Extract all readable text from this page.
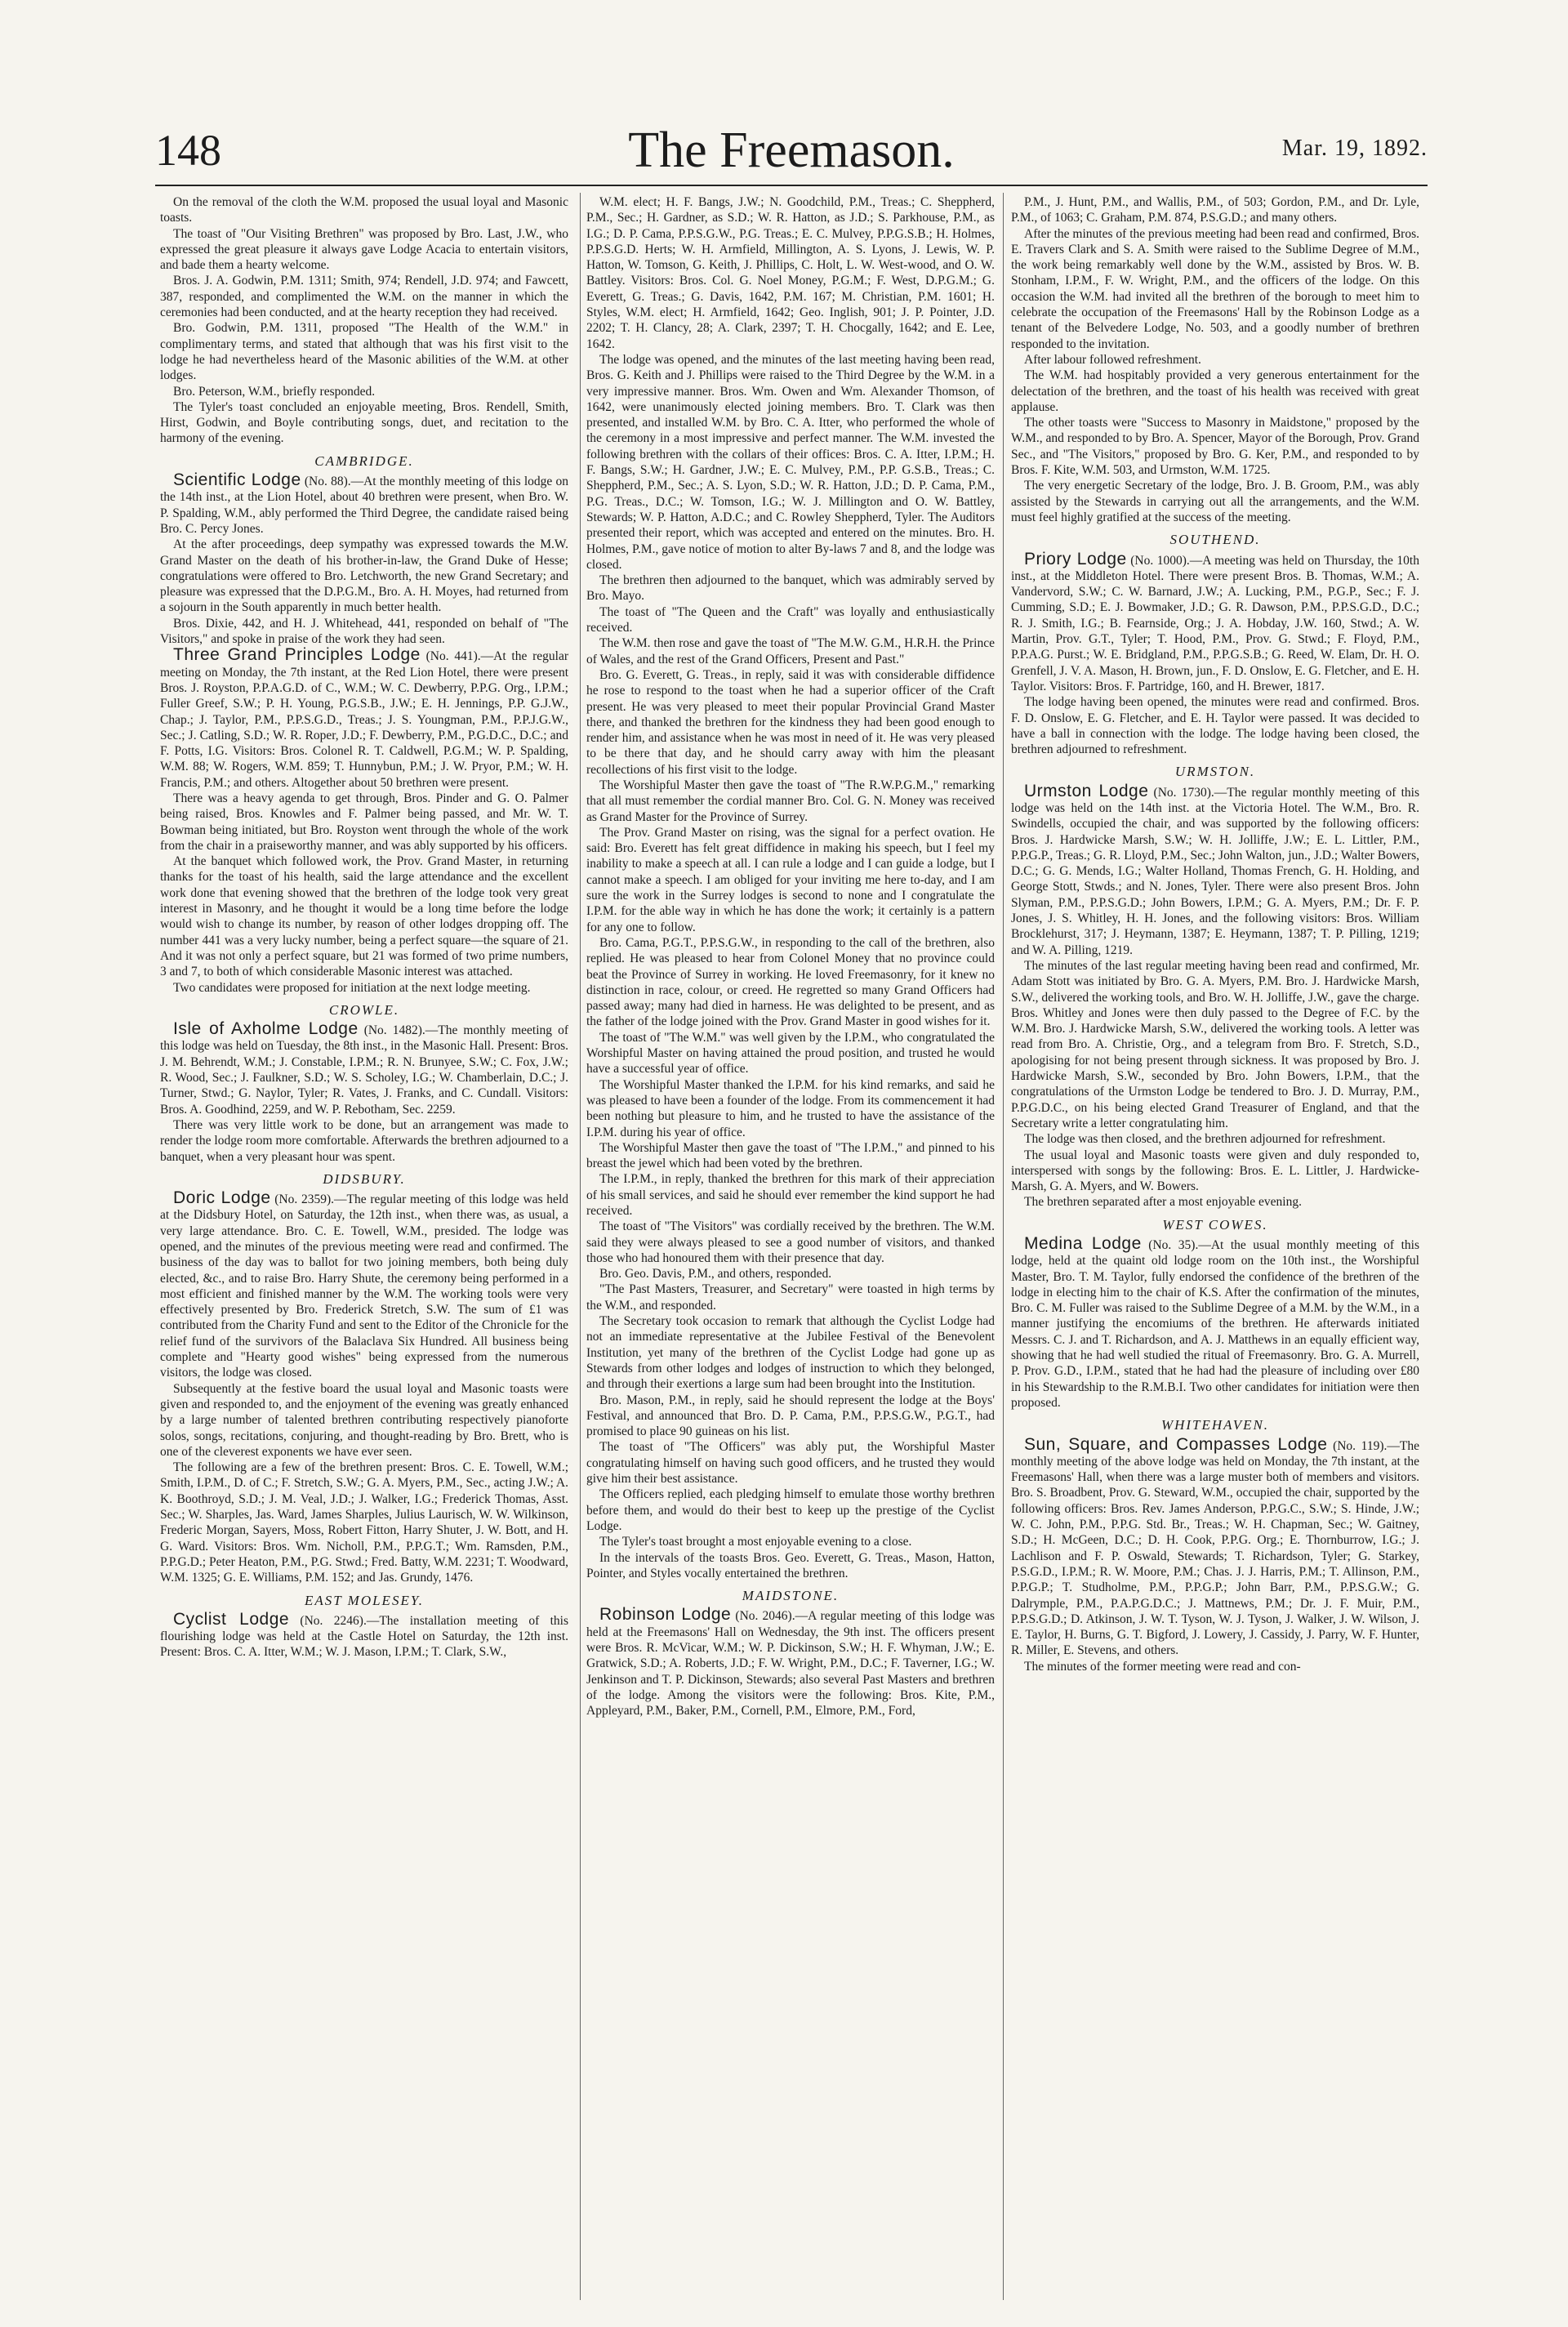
148	The Freemason.	Mar. 19, 1892.

On the removal of the cloth the W.M. proposed the usual loyal and Masonic toasts.

The toast of "Our Visiting Brethren" was proposed by Bro. Last, J.W., who expressed the great pleasure it always gave Lodge Acacia to entertain visitors, and bade them a hearty welcome.

Bros. J. A. Godwin, P.M. 1311; Smith, 974; Rendell, J.D. 974; and Fawcett, 387, responded, and complimented the W.M. on the manner in which the ceremonies had been conducted, and at the hearty reception they had received.

Bro. Godwin, P.M. 1311, proposed "The Health of the W.M." in complimentary terms, and stated that although that was his first visit to the lodge he had nevertheless heard of the Masonic abilities of the W.M. at other lodges.

Bro. Peterson, W.M., briefly responded.

The Tyler's toast concluded an enjoyable meeting, Bros. Rendell, Smith, Hirst, Godwin, and Boyle contributing songs, duet, and recitation to the harmony of the evening.

CAMBRIDGE.

Scientific Lodge (No. 88).—At the monthly meeting of this lodge on the 14th inst., at the Lion Hotel, about 40 brethren were present, when Bro. W. P. Spalding, W.M., ably performed the Third Degree, the candidate raised being Bro. C. Percy Jones.

At the after proceedings, deep sympathy was expressed towards the M.W. Grand Master on the death of his brother-in-law, the Grand Duke of Hesse; congratulations were offered to Bro. Letchworth, the new Grand Secretary; and pleasure was expressed that the D.P.G.M., Bro. A. H. Moyes, had returned from a sojourn in the South apparently in much better health.

Bros. Dixie, 442, and H. J. Whitehead, 441, responded on behalf of "The Visitors," and spoke in praise of the work they had seen.

Three Grand Principles Lodge (No. 441).—At the regular meeting on Monday, the 7th instant, at the Red Lion Hotel, there were present Bros. J. Royston, P.P.A.G.D. of C., W.M.; W. C. Dewberry, P.P.G. Org., I.P.M.; Fuller Greef, S.W.; P. H. Young, P.G.S.B., J.W.; E. H. Jennings, P.P. G.J.W., Chap.; J. Taylor, P.M., P.P.S.G.D., Treas.; J. S. Youngman, P.M., P.P.J.G.W., Sec.; J. Catling, S.D.; W. R. Roper, J.D.; F. Dewberry, P.M., P.G.D.C., D.C.; and F. Potts, I.G. Visitors: Bros. Colonel R. T. Caldwell, P.G.M.; W. P. Spalding, W.M. 88; W. Rogers, W.M. 859; T. Hunnybun, P.M.; J. W. Pryor, P.M.; W. H. Francis, P.M.; and others. Altogether about 50 brethren were present.

There was a heavy agenda to get through, Bros. Pinder and G. O. Palmer being raised, Bros. Knowles and F. Palmer being passed, and Mr. W. T. Bowman being initiated, but Bro. Royston went through the whole of the work from the chair in a praiseworthy manner, and was ably supported by his officers.

At the banquet which followed work, the Prov. Grand Master, in returning thanks for the toast of his health, said the large attendance and the excellent work done that evening showed that the brethren of the lodge took very great interest in Masonry, and he thought it would be a long time before the lodge would wish to change its number, by reason of other lodges dropping off. The number 441 was a very lucky number, being a perfect square—the square of 21. And it was not only a perfect square, but 21 was formed of two prime numbers, 3 and 7, to both of which considerable Masonic interest was attached.

Two candidates were proposed for initiation at the next lodge meeting.

CROWLE.

Isle of Axholme Lodge (No. 1482).—The monthly meeting of this lodge was held on Tuesday, the 8th inst., in the Masonic Hall. Present: Bros. J. M. Behrendt, W.M.; J. Constable, I.P.M.; R. N. Brunyee, S.W.; C. Fox, J.W.; R. Wood, Sec.; J. Faulkner, S.D.; W. S. Scholey, I.G.; W. Chamberlain, D.C.; J. Turner, Stwd.; G. Naylor, Tyler; R. Vates, J. Franks, and C. Cundall. Visitors: Bros. A. Goodhind, 2259, and W. P. Rebotham, Sec. 2259.

There was very little work to be done, but an arrangement was made to render the lodge room more comfortable. Afterwards the brethren adjourned to a banquet, when a very pleasant hour was spent.

DIDSBURY.

Doric Lodge (No. 2359).—The regular meeting of this lodge was held at the Didsbury Hotel, on Saturday, the 12th inst., when there was, as usual, a very large attendance. Bro. C. E. Towell, W.M., presided. The lodge was opened, and the minutes of the previous meeting were read and confirmed. The business of the day was to ballot for two joining members, both being duly elected, &c., and to raise Bro. Harry Shute, the ceremony being performed in a most efficient and finished manner by the W.M. The working tools were very effectively presented by Bro. Frederick Stretch, S.W. The sum of £1 was contributed from the Charity Fund and sent to the Editor of the Chronicle for the relief fund of the survivors of the Balaclava Six Hundred. All business being complete and "Hearty good wishes" being expressed from the numerous visitors, the lodge was closed.

Subsequently at the festive board the usual loyal and Masonic toasts were given and responded to, and the enjoyment of the evening was greatly enhanced by a large number of talented brethren contributing respectively pianoforte solos, songs, recitations, conjuring, and thought-reading by Bro. Brett, who is one of the cleverest exponents we have ever seen.

The following are a few of the brethren present: Bros. C. E. Towell, W.M.; Smith, I.P.M., D. of C.; F. Stretch, S.W.; G. A. Myers, P.M., Sec., acting J.W.; A. K. Boothroyd, S.D.; J. M. Veal, J.D.; J. Walker, I.G.; Frederick Thomas, Asst. Sec.; W. Sharples, Jas. Ward, James Sharples, Julius Laurisch, W. W. Wilkinson, Frederic Morgan, Sayers, Moss, Robert Fitton, Harry Shuter, J. W. Bott, and H. G. Ward. Visitors: Bros. Wm. Nicholl, P.M., P.P.G.T.; Wm. Ramsden, P.M., P.P.G.D.; Peter Heaton, P.M., P.G. Stwd.; Fred. Batty, W.M. 2231; T. Woodward, W.M. 1325; G. E. Williams, P.M. 152; and Jas. Grundy, 1476.

EAST MOLESEY.

Cyclist Lodge (No. 2246).—The installation meeting of this flourishing lodge was held at the Castle Hotel on Saturday, the 12th inst. Present: Bros. C. A. Itter, W.M.; W. J. Mason, I.P.M.; T. Clark, S.W.,

W.M. elect; H. F. Bangs, J.W.; N. Goodchild, P.M., Treas.; C. Sheppherd, P.M., Sec.; H. Gardner, as S.D.; W. R. Hatton, as J.D.; S. Parkhouse, P.M., as I.G.; D. P. Cama, P.P.S.G.W., P.G. Treas.; E. C. Mulvey, P.P.G.S.B.; H. Holmes, P.P.S.G.D. Herts; W. H. Armfield, Millington, A. S. Lyons, J. Lewis, W. P. Hatton, W. Tomson, G. Keith, J. Phillips, C. Holt, L. W. West-wood, and O. W. Battley. Visitors: Bros. Col. G. Noel Money, P.G.M.; F. West, D.P.G.M.; G. Everett, G. Treas.; G. Davis, 1642, P.M. 167; M. Christian, P.M. 1601; H. Styles, W.M. elect; H. Armfield, 1642; Geo. Inglish, 901; J. P. Pointer, J.D. 2202; T. H. Clancy, 28; A. Clark, 2397; T. H. Chocgally, 1642; and E. Lee, 1642.

The lodge was opened, and the minutes of the last meeting having been read, Bros. G. Keith and J. Phillips were raised to the Third Degree by the W.M. in a very impressive manner. Bros. Wm. Owen and Wm. Alexander Thomson, of 1642, were unanimously elected joining members. Bro. T. Clark was then presented, and installed W.M. by Bro. C. A. Itter, who performed the whole of the ceremony in a most impressive and perfect manner. The W.M. invested the following brethren with the collars of their offices: Bros. C. A. Itter, I.P.M.; H. F. Bangs, S.W.; H. Gardner, J.W.; E. C. Mulvey, P.M., P.P. G.S.B., Treas.; C. Sheppherd, P.M., Sec.; A. S. Lyon, S.D.; W. R. Hatton, J.D.; D. P. Cama, P.M., P.G. Treas., D.C.; W. Tomson, I.G.; W. J. Millington and O. W. Battley, Stewards; W. P. Hatton, A.D.C.; and C. Rowley Sheppherd, Tyler. The Auditors presented their report, which was accepted and entered on the minutes. Bro. H. Holmes, P.M., gave notice of motion to alter By-laws 7 and 8, and the lodge was closed.

The brethren then adjourned to the banquet, which was admirably served by Bro. Mayo.

The toast of "The Queen and the Craft" was loyally and enthusiastically received.

The W.M. then rose and gave the toast of "The M.W. G.M., H.R.H. the Prince of Wales, and the rest of the Grand Officers, Present and Past."

Bro. G. Everett, G. Treas., in reply, said it was with considerable diffidence he rose to respond to the toast when he had a superior officer of the Craft present. He was very pleased to meet their popular Provincial Grand Master there, and thanked the brethren for the kindness they had been good enough to render him, and assistance when he was most in need of it. He was very pleased to be there that day, and he should carry away with him the pleasant recollections of his first visit to the lodge.

The Worshipful Master then gave the toast of "The R.W.P.G.M.," remarking that all must remember the cordial manner Bro. Col. G. N. Money was received as Grand Master for the Province of Surrey.

The Prov. Grand Master on rising, was the signal for a perfect ovation. He said: Bro. Everett has felt great diffidence in making his speech, but I feel my inability to make a speech at all. I can rule a lodge and I can guide a lodge, but I cannot make a speech. I am obliged for your inviting me here to-day, and I am sure the work in the Surrey lodges is second to none and I congratulate the I.P.M. for the able way in which he has done the work; it certainly is a pattern for any one to follow.

Bro. Cama, P.G.T., P.P.S.G.W., in responding to the call of the brethren, also replied. He was pleased to hear from Colonel Money that no province could beat the Province of Surrey in working. He loved Freemasonry, for it knew no distinction in race, colour, or creed. He regretted so many Grand Officers had passed away; many had died in harness. He was delighted to be present, and as the father of the lodge joined with the Prov. Grand Master in good wishes for it.

The toast of "The W.M." was well given by the I.P.M., who congratulated the Worshipful Master on having attained the proud position, and trusted he would have a successful year of office.

The Worshipful Master thanked the I.P.M. for his kind remarks, and said he was pleased to have been a founder of the lodge. From its commencement it had been nothing but pleasure to him, and he trusted to have the assistance of the I.P.M. during his year of office.

The Worshipful Master then gave the toast of "The I.P.M.," and pinned to his breast the jewel which had been voted by the brethren.

The I.P.M., in reply, thanked the brethren for this mark of their appreciation of his small services, and said he should ever remember the kind support he had received.

The toast of "The Visitors" was cordially received by the brethren. The W.M. said they were always pleased to see a good number of visitors, and thanked those who had honoured them with their presence that day.

Bro. Geo. Davis, P.M., and others, responded.

"The Past Masters, Treasurer, and Secretary" were toasted in high terms by the W.M., and responded.

The Secretary took occasion to remark that although the Cyclist Lodge had not an immediate representative at the Jubilee Festival of the Benevolent Institution, yet many of the brethren of the Cyclist Lodge had gone up as Stewards from other lodges and lodges of instruction to which they belonged, and through their exertions a large sum had been brought into the Institution.

Bro. Mason, P.M., in reply, said he should represent the lodge at the Boys' Festival, and announced that Bro. D. P. Cama, P.M., P.P.S.G.W., P.G.T., had promised to place 90 guineas on his list.

The toast of "The Officers" was ably put, the Worshipful Master congratulating himself on having such good officers, and he trusted they would give him their best assistance.

The Officers replied, each pledging himself to emulate those worthy brethren before them, and would do their best to keep up the prestige of the Cyclist Lodge.

The Tyler's toast brought a most enjoyable evening to a close.

In the intervals of the toasts Bros. Geo. Everett, G. Treas., Mason, Hatton, Pointer, and Styles vocally entertained the brethren.

MAIDSTONE.

Robinson Lodge (No. 2046).—A regular meeting of this lodge was held at the Freemasons' Hall on Wednesday, the 9th inst. The officers present were Bros. R. McVicar, W.M.; W. P. Dickinson, S.W.; H. F. Whyman, J.W.; E. Gratwick, S.D.; A. Roberts, J.D.; F. W. Wright, P.M., D.C.; F. Taverner, I.G.; W. Jenkinson and T. P. Dickinson, Stewards; also several Past Masters and brethren of the lodge. Among the visitors were the following: Bros. Kite, P.M., Appleyard, P.M., Baker, P.M., Cornell, P.M., Elmore, P.M., Ford,

P.M., J. Hunt, P.M., and Wallis, P.M., of 503; Gordon, P.M., and Dr. Lyle, P.M., of 1063; C. Graham, P.M. 874, P.S.G.D.; and many others.

After the minutes of the previous meeting had been read and confirmed, Bros. E. Travers Clark and S. A. Smith were raised to the Sublime Degree of M.M., the work being remarkably well done by the W.M., assisted by Bros. W. B. Stonham, I.P.M., F. W. Wright, P.M., and the officers of the lodge. On this occasion the W.M. had invited all the brethren of the borough to meet him to celebrate the occupation of the Freemasons' Hall by the Robinson Lodge as a tenant of the Belvedere Lodge, No. 503, and a goodly number of brethren responded to the invitation.

After labour followed refreshment.

The W.M. had hospitably provided a very generous entertainment for the delectation of the brethren, and the toast of his health was received with great applause.

The other toasts were "Success to Masonry in Maidstone," proposed by the W.M., and responded to by Bro. A. Spencer, Mayor of the Borough, Prov. Grand Sec., and "The Visitors," proposed by Bro. G. Ker, P.M., and responded to by Bros. F. Kite, W.M. 503, and Urmston, W.M. 1725.

The very energetic Secretary of the lodge, Bro. J. B. Groom, P.M., was ably assisted by the Stewards in carrying out all the arrangements, and the W.M. must feel highly gratified at the success of the meeting.

SOUTHEND.

Priory Lodge (No. 1000).—A meeting was held on Thursday, the 10th inst., at the Middleton Hotel. There were present Bros. B. Thomas, W.M.; A. Vandervord, S.W.; C. W. Barnard, J.W.; A. Lucking, P.M., P.G.P., Sec.; F. J. Cumming, S.D.; E. J. Bowmaker, J.D.; G. R. Dawson, P.M., P.P.S.G.D., D.C.; R. J. Smith, I.G.; B. Fearnside, Org.; J. A. Hobday, J.W. 160, Stwd.; A. W. Martin, Prov. G.T., Tyler; T. Hood, P.M., Prov. G. Stwd.; F. Floyd, P.M., P.P.A.G. Purst.; W. E. Bridgland, P.M., P.P.G.S.B.; G. Reed, W. Elam, Dr. H. O. Grenfell, J. V. A. Mason, H. Brown, jun., F. D. Onslow, E. G. Fletcher, and E. H. Taylor. Visitors: Bros. F. Partridge, 160, and H. Brewer, 1817.

The lodge having been opened, the minutes were read and confirmed. Bros. F. D. Onslow, E. G. Fletcher, and E. H. Taylor were passed. It was decided to have a ball in connection with the lodge. The lodge having been closed, the brethren adjourned to refreshment.

URMSTON.

Urmston Lodge (No. 1730).—The regular monthly meeting of this lodge was held on the 14th inst. at the Victoria Hotel. The W.M., Bro. R. Swindells, occupied the chair, and was supported by the following officers: Bros. J. Hardwicke Marsh, S.W.; W. H. Jolliffe, J.W.; E. L. Littler, P.M., P.P.G.P., Treas.; G. R. Lloyd, P.M., Sec.; John Walton, jun., J.D.; Walter Bowers, D.C.; G. G. Mends, I.G.; Walter Holland, Thomas French, G. H. Holding, and George Stott, Stwds.; and N. Jones, Tyler. There were also present Bros. John Slyman, P.M., P.P.S.G.D.; John Bowers, I.P.M.; G. A. Myers, P.M.; Dr. F. P. Jones, J. S. Whitley, H. H. Jones, and the following visitors: Bros. William Brocklehurst, 317; J. Heymann, 1387; E. Heymann, 1387; T. P. Pilling, 1219; and W. A. Pilling, 1219.

The minutes of the last regular meeting having been read and confirmed, Mr. Adam Stott was initiated by Bro. G. A. Myers, P.M. Bro. J. Hardwicke Marsh, S.W., delivered the working tools, and Bro. W. H. Jolliffe, J.W., gave the charge. Bros. Whitley and Jones were then duly passed to the Degree of F.C. by the W.M. Bro. J. Hardwicke Marsh, S.W., delivered the working tools. A letter was read from Bro. A. Christie, Org., and a telegram from Bro. F. Stretch, S.D., apologising for not being present through sickness. It was proposed by Bro. J. Hardwicke Marsh, S.W., seconded by Bro. John Bowers, I.P.M., that the congratulations of the Urmston Lodge be tendered to Bro. J. D. Murray, P.M., P.P.G.D.C., on his being elected Grand Treasurer of England, and that the Secretary write a letter congratulating him.

The lodge was then closed, and the brethren adjourned for refreshment.

The usual loyal and Masonic toasts were given and duly responded to, interspersed with songs by the following: Bros. E. L. Littler, J. Hardwicke-Marsh, G. A. Myers, and W. Bowers.

The brethren separated after a most enjoyable evening.

WEST COWES.

Medina Lodge (No. 35).—At the usual monthly meeting of this lodge, held at the quaint old lodge room on the 10th inst., the Worshipful Master, Bro. T. M. Taylor, fully endorsed the confidence of the brethren of the lodge in electing him to the chair of K.S. After the confirmation of the minutes, Bro. C. M. Fuller was raised to the Sublime Degree of a M.M. by the W.M., in a manner justifying the encomiums of the brethren. He afterwards initiated Messrs. C. J. and T. Richardson, and A. J. Matthews in an equally efficient way, showing that he had well studied the ritual of Freemasonry. Bro. G. A. Murrell, P. Prov. G.D., I.P.M., stated that he had had the pleasure of including over £80 in his Stewardship to the R.M.B.I. Two other candidates for initiation were then proposed.

WHITEHAVEN.

Sun, Square, and Compasses Lodge (No. 119).—The monthly meeting of the above lodge was held on Monday, the 7th instant, at the Freemasons' Hall, when there was a large muster both of members and visitors. Bro. S. Broadbent, Prov. G. Steward, W.M., occupied the chair, supported by the following officers: Bros. Rev. James Anderson, P.P.G.C., S.W.; S. Hinde, J.W.; W. C. John, P.M., P.P.G. Std. Br., Treas.; W. H. Chapman, Sec.; W. Gaitney, S.D.; H. McGeen, D.C.; D. H. Cook, P.P.G. Org.; E. Thornburrow, I.G.; J. Lachlison and F. P. Oswald, Stewards; T. Richardson, Tyler; G. Starkey, P.S.G.D., I.P.M.; R. W. Moore, P.M.; Chas. J. J. Harris, P.M.; T. Allinson, P.M., P.P.G.P.; T. Studholme, P.M., P.P.G.P.; John Barr, P.M., P.P.S.G.W.; G. Dalrymple, P.M., P.A.P.G.D.C.; J. Mattnews, P.M.; Dr. J. F. Muir, P.M., P.P.S.G.D.; D. Atkinson, J. W. T. Tyson, W. J. Tyson, J. Walker, J. W. Wilson, J. E. Taylor, H. Burns, G. T. Bigford, J. Lowery, J. Cassidy, J. Parry, W. F. Hunter, R. Miller, E. Stevens, and others.

The minutes of the former meeting were read and con-
